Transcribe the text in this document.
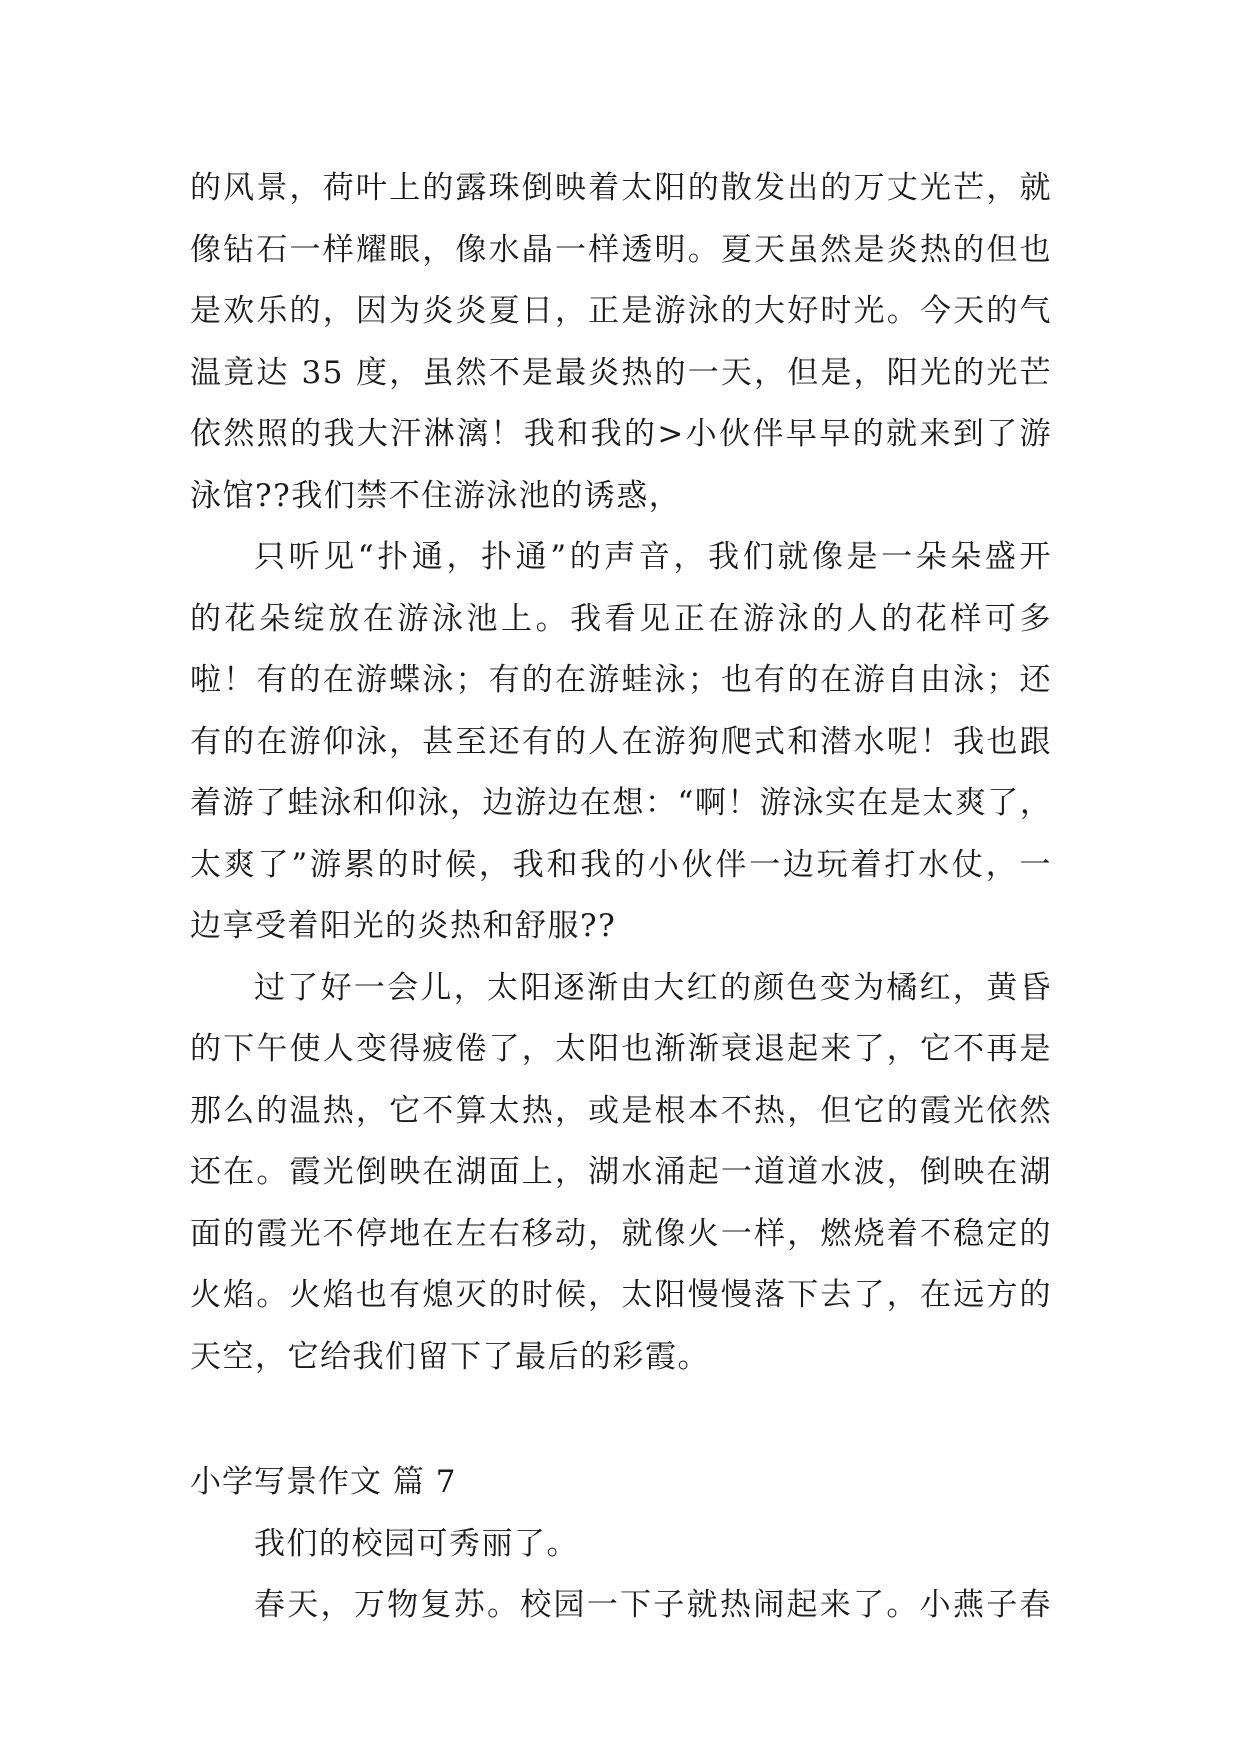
的风景，荷叶上的露珠倒映着太阳的散发出的万丈光芒，就
像钻石一样耀眼，像水晶一样透明。夏天虽然是炎热的但也
是欢乐的，因为炎炎夏日，正是游泳的大好时光。今天的气
温竟达 35 度，虽然不是最炎热的一天，但是，阳光的光芒
依然照的我大汗淋漓！我和我的>小伙伴早早的就来到了游
泳馆??我们禁不住游泳池的诱惑，
只听见“扑通，扑通”的声音，我们就像是一朵朵盛开
的花朵绽放在游泳池上。我看见正在游泳的人的花样可多
啦！有的在游蝶泳；有的在游蛙泳；也有的在游自由泳；还
有的在游仰泳，甚至还有的人在游狗爬式和潜水呢！我也跟
着游了蛙泳和仰泳，边游边在想：“啊！游泳实在是太爽了，
太爽了”游累的时候，我和我的小伙伴一边玩着打水仗，一
边享受着阳光的炎热和舒服??
过了好一会儿，太阳逐渐由大红的颜色变为橘红，黄昏
的下午使人变得疲倦了，太阳也渐渐衰退起来了，它不再是
那么的温热，它不算太热，或是根本不热，但它的霞光依然
还在。霞光倒映在湖面上，湖水涌起一道道水波，倒映在湖
面的霞光不停地在左右移动，就像火一样，燃烧着不稳定的
火焰。火焰也有熄灭的时候，太阳慢慢落下去了，在远方的
天空，它给我们留下了最后的彩霞。
小学写景作文 篇 7
我们的校园可秀丽了。
春天，万物复苏。校园一下子就热闹起来了。小燕子春
